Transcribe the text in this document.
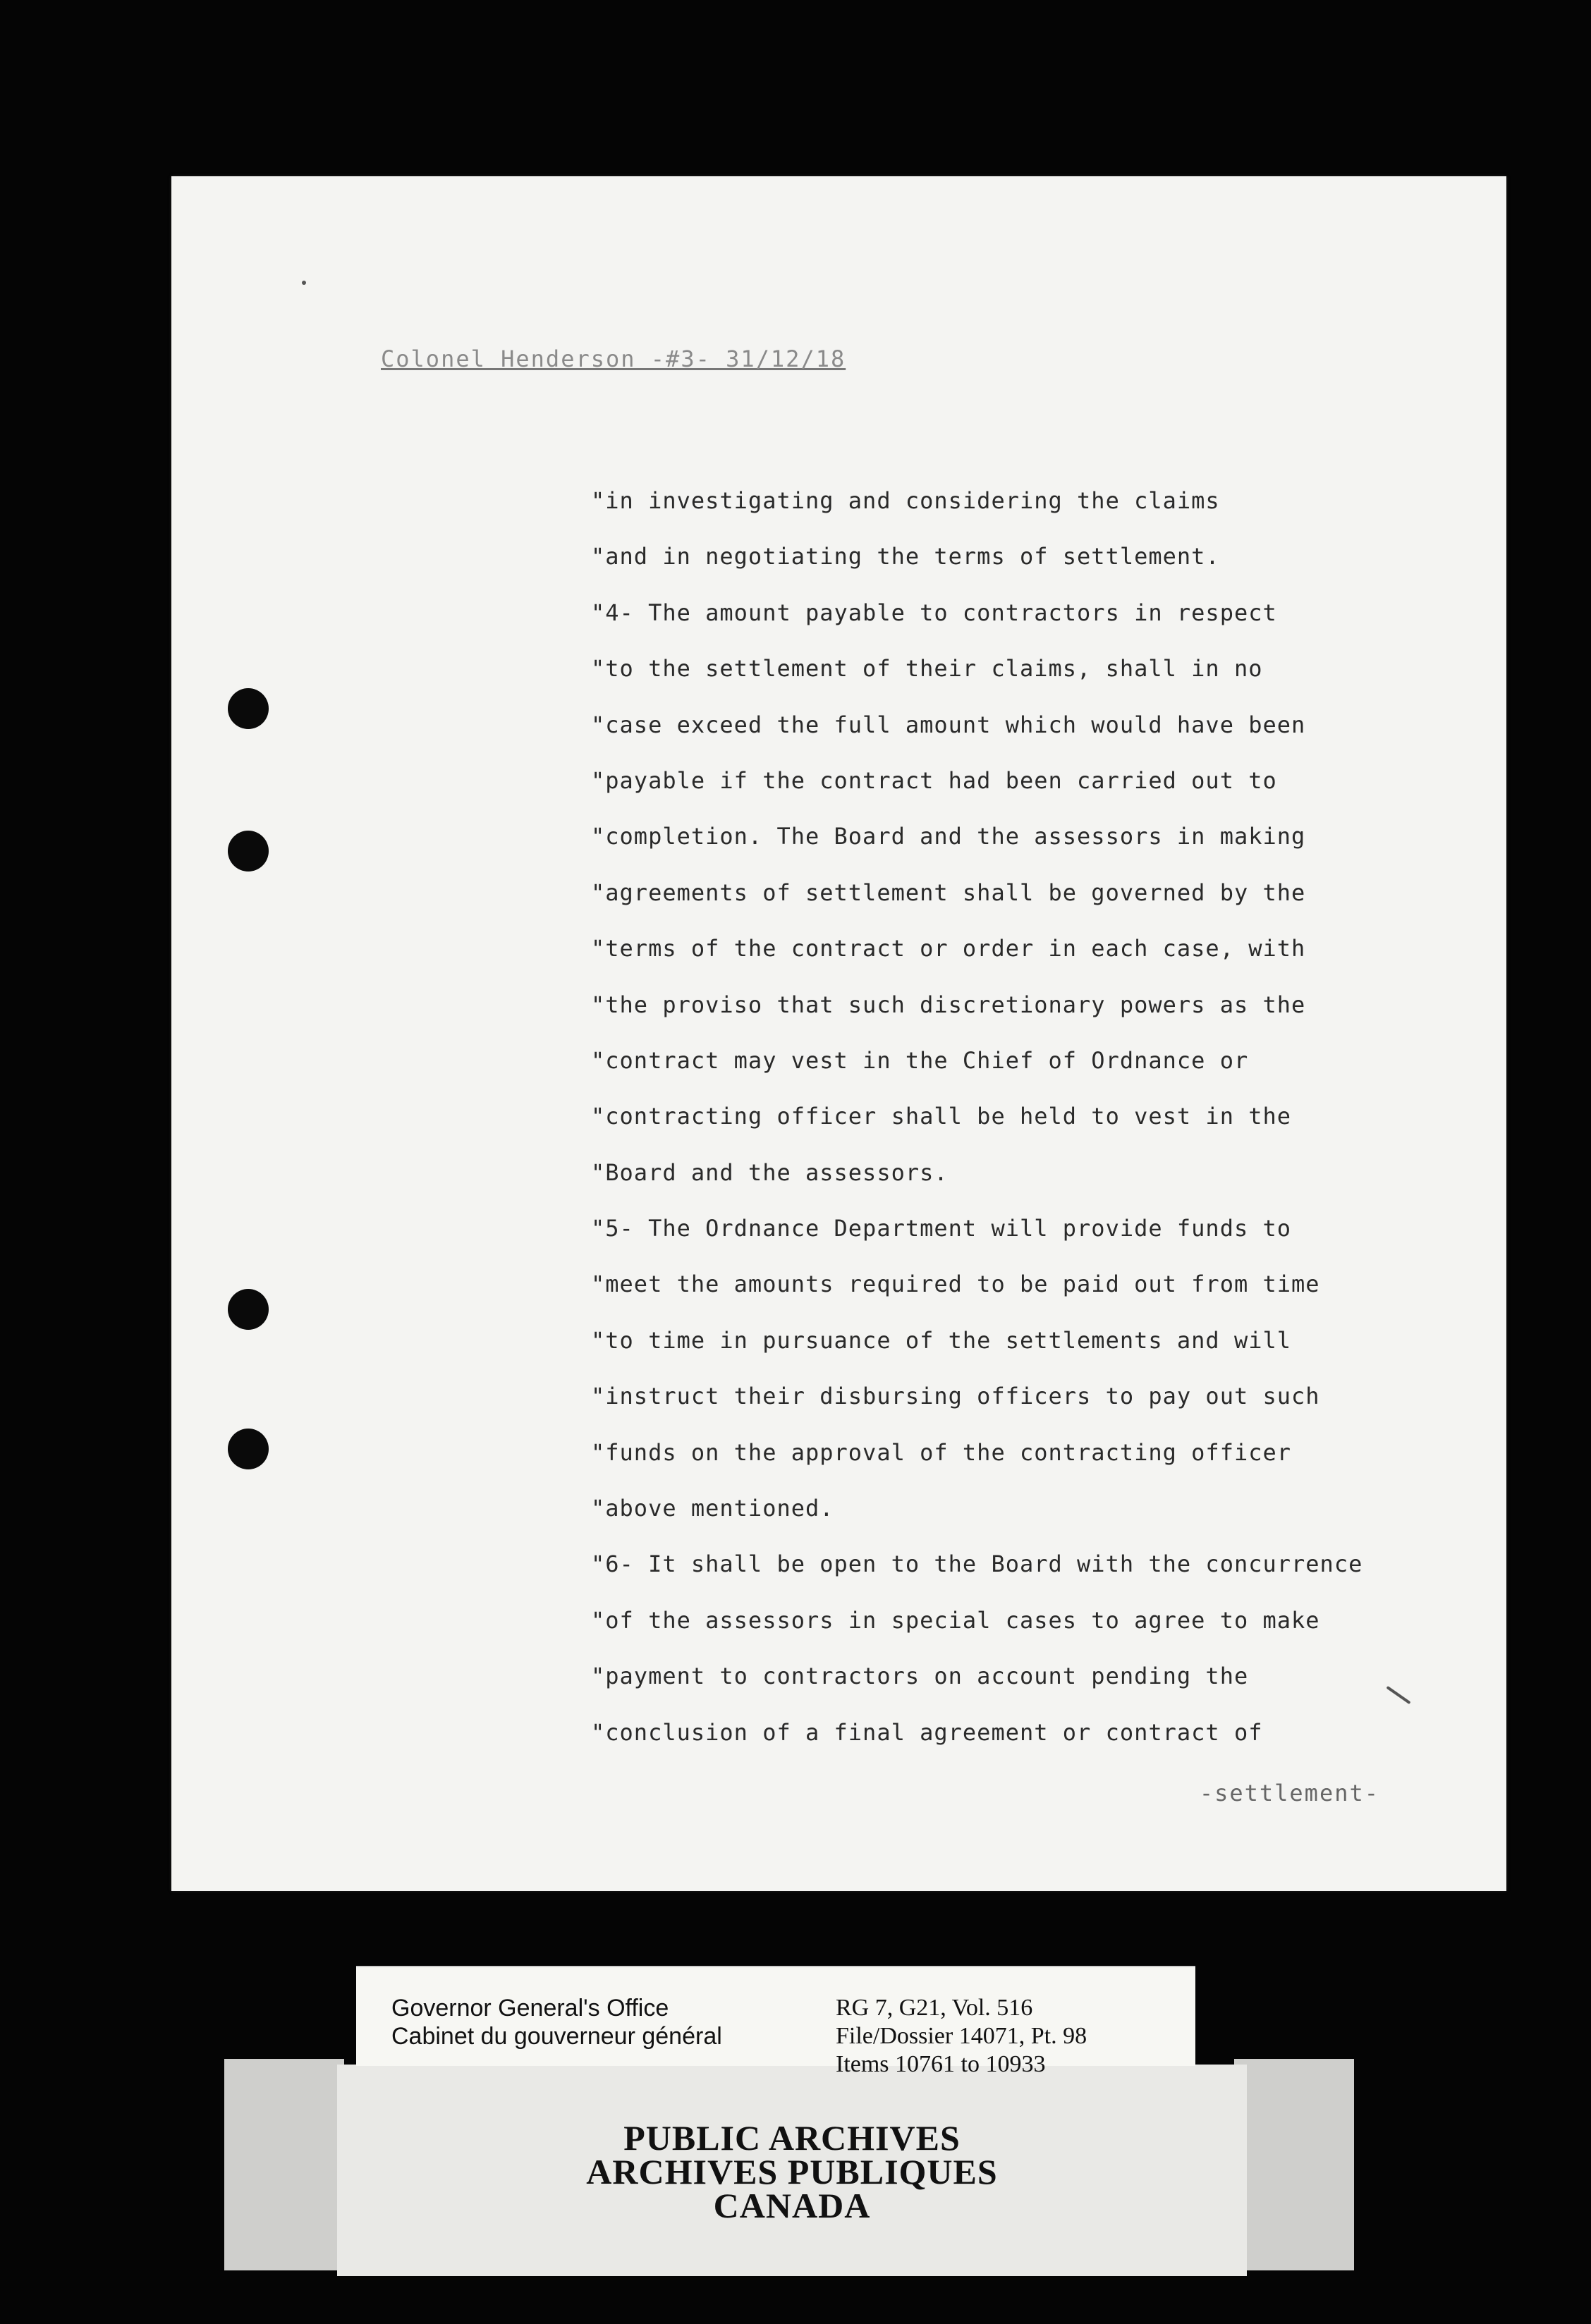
Colonel Henderson -#3- 31/12/18
"in investigating and considering the claims
"and in negotiating the terms of settlement.
"4- The amount payable to contractors in respect
"to the settlement of their claims, shall in no
"case exceed the full amount which would have been
"payable if the contract had been carried out to
"completion. The Board and the assessors in making
"agreements of settlement shall be governed by the
"terms of the contract or order in each case, with
"the proviso that such discretionary powers as the
"contract may vest in the Chief of Ordnance or
"contracting officer shall be held to vest in the
"Board and the assessors.
"5- The Ordnance Department will provide funds to
"meet the amounts required to be paid out from time
"to time in pursuance of the settlements and will
"instruct their disbursing officers to pay out such
"funds on the approval of the contracting officer
"above mentioned.
"6- It shall be open to the Board with the concurrence
"of the assessors in special cases to agree to make
"payment to contractors on account pending the
"conclusion of a final agreement or contract of
-settlement-
PUBLIC ARCHIVES
ARCHIVES PUBLIQUES
CANADA
Governor General's Office
Cabinet du gouverneur général
RG 7, G21, Vol. 516
File/Dossier 14071, Pt. 98
Items 10761 to 10933
